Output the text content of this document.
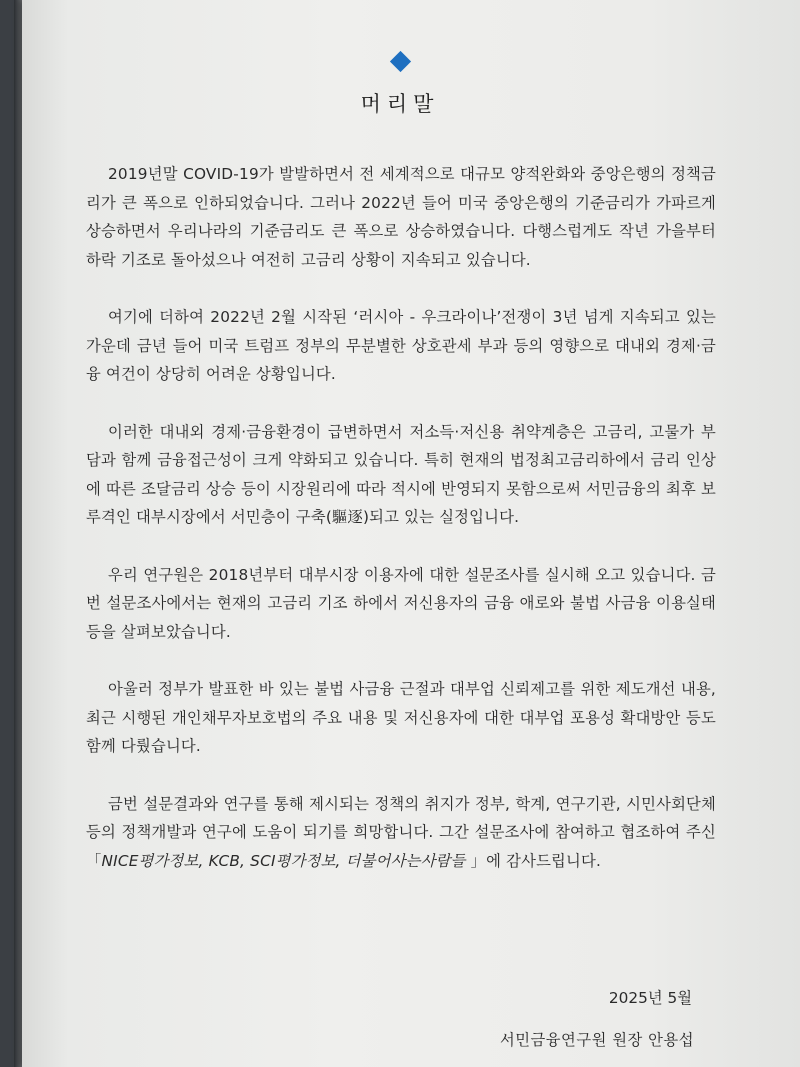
머리말

2019년말 COVID-19가 발발하면서 전 세계적으로 대규모 양적완화와 중앙은행의 정책금리가 큰 폭으로 인하되었습니다. 그러나 2022년 들어 미국 중앙은행의 기준금리가 가파르게 상승하면서 우리나라의 기준금리도 큰 폭으로 상승하였습니다. 다행스럽게도 작년 가을부터 하락 기조로 돌아섰으나 여전히 고금리 상황이 지속되고 있습니다.

여기에 더하여 2022년 2월 시작된 ‘러시아 - 우크라이나’전쟁이 3년 넘게 지속되고 있는 가운데 금년 들어 미국 트럼프 정부의 무분별한 상호관세 부과 등의 영향으로 대내외 경제·금융 여건이 상당히 어려운 상황입니다.

이러한 대내외 경제·금융환경이 급변하면서 저소득·저신용 취약계층은 고금리, 고물가 부담과 함께 금융접근성이 크게 약화되고 있습니다. 특히 현재의 법정최고금리하에서 금리 인상에 따른 조달금리 상승 등이 시장원리에 따라 적시에 반영되지 못함으로써 서민금융의 최후 보루격인 대부시장에서 서민층이 구축(驅逐)되고 있는 실정입니다.

우리 연구원은 2018년부터 대부시장 이용자에 대한 설문조사를 실시해 오고 있습니다. 금번 설문조사에서는 현재의 고금리 기조 하에서 저신용자의 금융 애로와 불법 사금융 이용실태 등을 살펴보았습니다.

아울러 정부가 발표한 바 있는 불법 사금융 근절과 대부업 신뢰제고를 위한 제도개선 내용, 최근 시행된 개인채무자보호법의 주요 내용 및 저신용자에 대한 대부업 포용성 확대방안 등도 함께 다뤘습니다.

금번 설문결과와 연구를 통해 제시되는 정책의 취지가 정부, 학계, 연구기관, 시민사회단체 등의 정책개발과 연구에 도움이 되기를 희망합니다. 그간 설문조사에 참여하고 협조하여 주신 「NICE평가정보, KCB, SCI평가정보, 더불어사는사람들 」에 감사드립니다.

2025년 5월
서민금융연구원 원장 안용섭
